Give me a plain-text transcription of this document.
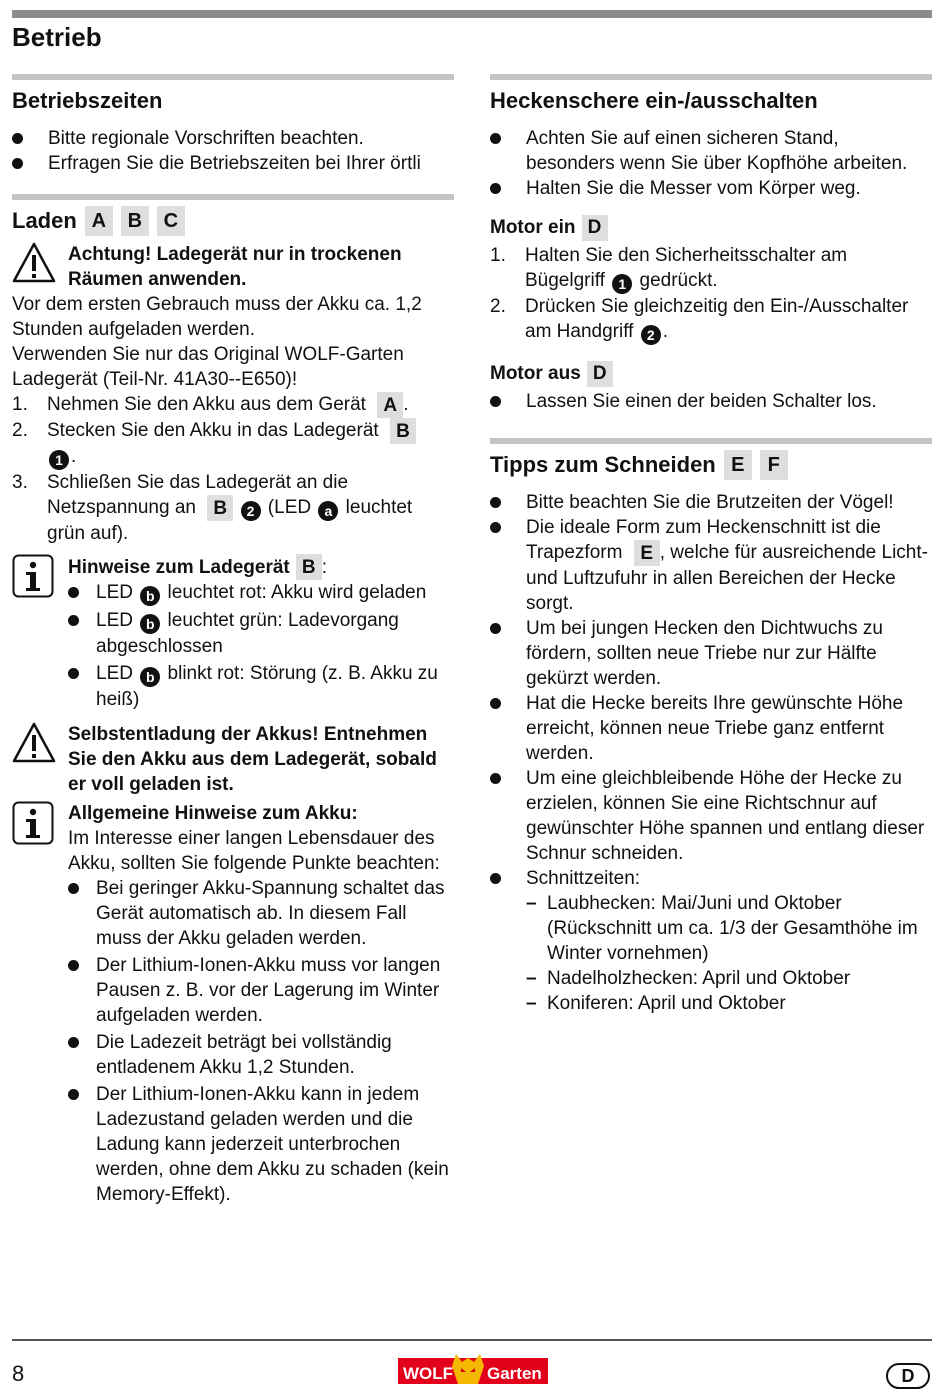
Betrieb
Betriebszeiten
Bitte regionale Vorschriften beachten.
Erfragen Sie die Betriebszeiten bei Ihrer örtli
Laden A	B	C
Achtung! Ladegerät nur in trockenen Räumen anwenden.

Vor dem ersten Gebrauch muss der Akku ca. 1,2 Stunden aufgeladen werden.

Verwenden Sie nur das Original WOLF-Garten Ladegerät (Teil-Nr. 41A30--E650)!

1.	Nehmen Sie den Akku aus dem Gerät A .
2.	Stecken Sie den Akku in das Ladegerät B
1 .
3.	Schließen Sie das Ladegerät an die Netzspannung an B 2 (LED a leuchtet grün auf).
Hinweise zum Ladegerät B :
LED b leuchtet rot: Akku wird geladen
LED b leuchtet grün: Ladevorgang abgeschlossen
LED b blinkt rot: Störung (z. B. Akku zu heiß)
Selbstentladung der Akkus! Entnehmen Sie den Akku aus dem Ladegerät, sobald er voll geladen ist.
Allgemeine Hinweise zum Akku:

Im Interesse einer langen Lebensdauer des Akku, sollten Sie folgende Punkte beachten:

Bei geringer Akku-Spannung schaltet das Gerät automatisch ab. In diesem Fall muss der Akku geladen werden.
Der Lithium-Ionen-Akku muss vor langen Pausen z. B. vor der Lagerung im Winter aufgeladen werden.
Die Ladezeit beträgt bei vollständig entladenem Akku 1,2 Stunden.
Der Lithium-Ionen-Akku kann in jedem Ladezustand geladen werden und die Ladung kann jederzeit unterbrochen werden, ohne dem Akku zu schaden (kein Memory-Effekt).
Heckenschere ein-/ausschalten
Achten Sie auf einen sicheren Stand, besonders wenn Sie über Kopfhöhe arbeiten.
Halten Sie die Messer vom Körper weg.
Motor ein D
1.	Halten Sie den Sicherheitsschalter am Bügelgriff 1 gedrückt.
2.	Drücken Sie gleichzeitig den Ein-/Ausschalter am Handgriff 2 .
Motor aus D
Lassen Sie einen der beiden Schalter los.
Tipps zum Schneiden E	F
Bitte beachten Sie die Brutzeiten der Vögel!
Die ideale Form zum Heckenschnitt ist die Trapezform E , welche für ausreichende Licht- und Luftzufuhr in allen Bereichen der Hecke sorgt.
Um bei jungen Hecken den Dichtwuchs zu fördern, sollten neue Triebe nur zur Hälfte gekürzt werden.
Hat die Hecke bereits Ihre gewünschte Höhe erreicht, können neue Triebe ganz entfernt werden.
Um eine gleichbleibende Höhe der Hecke zu erzielen, können Sie eine Richtschnur auf gewünschter Höhe spannen und entlang dieser Schnur schneiden.
Schnittzeiten:
– Laubhecken: Mai/Juni und Oktober (Rückschnitt um ca. 1/3 der Gesamthöhe im Winter vornehmen)
– Nadelholzhecken: April und Oktober
– Koniferen: April und Oktober
8	WOLF Garten	D
